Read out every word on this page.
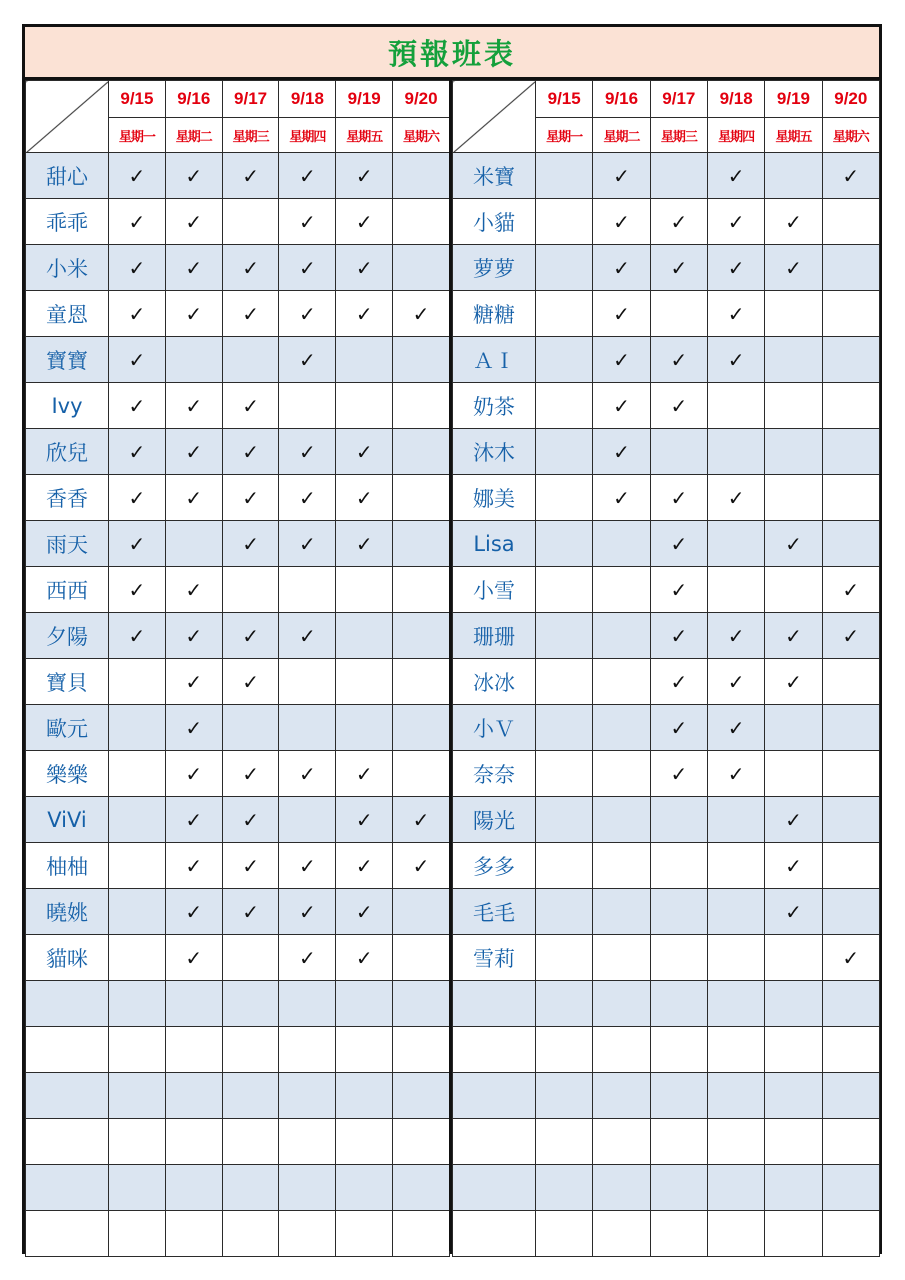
預報班表
	9/15	9/16	9/17	9/18	9/19	9/20
	星期一	星期二	星期三	星期四	星期五	星期六
甜心	✓	✓	✓	✓	✓	
乖乖	✓	✓		✓	✓	
小米	✓	✓	✓	✓	✓	
童恩	✓	✓	✓	✓	✓	✓
寶寶	✓			✓		
Ivy	✓	✓	✓			
欣兒	✓	✓	✓	✓	✓	
香香	✓	✓	✓	✓	✓	
雨天	✓		✓	✓	✓	
西西	✓	✓				
夕陽	✓	✓	✓	✓		
寶貝		✓	✓			
歐元		✓				
樂樂		✓	✓	✓	✓	
ViVi		✓	✓		✓	✓
柚柚		✓	✓	✓	✓	✓
曉姚		✓	✓	✓	✓	
貓咪		✓		✓	✓	

	9/15	9/16	9/17	9/18	9/19	9/20
	星期一	星期二	星期三	星期四	星期五	星期六
米寶		✓		✓		✓
小貓		✓	✓	✓	✓	
萝萝		✓	✓	✓	✓	
糖糖		✓		✓		
ＡＩ		✓	✓	✓		
奶茶		✓	✓			
沐木		✓				
娜美		✓	✓	✓		
Lisa			✓		✓	
小雪			✓			✓
珊珊			✓	✓	✓	✓
冰冰			✓	✓	✓	
小Ｖ			✓	✓		
奈奈			✓	✓		
陽光					✓	
多多					✓	
毛毛					✓	
雪莉						✓
